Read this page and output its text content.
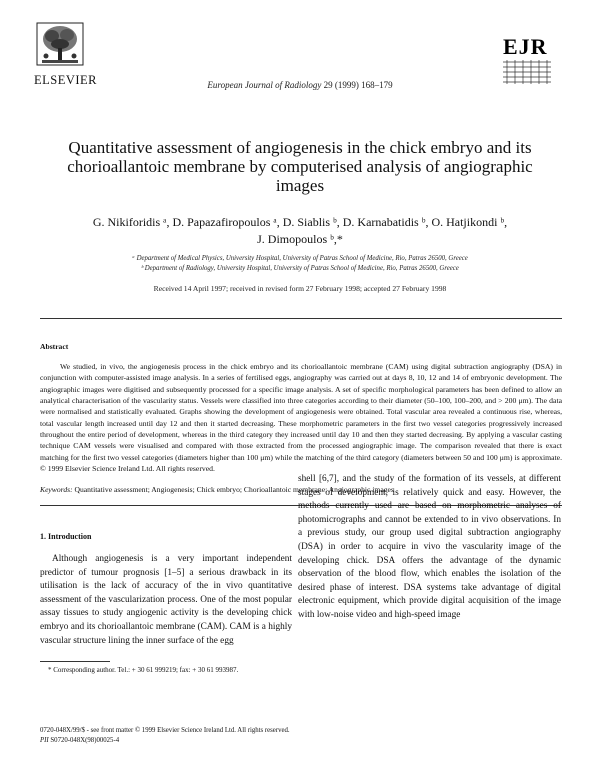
ELSEVIER	European Journal of Radiology 29 (1999) 168–179
EJR
Quantitative assessment of angiogenesis in the chick embryo and its chorioallantoic membrane by computerised analysis of angiographic images
G. Nikiforidis ᵃ, D. Papazafiropoulos ᵃ, D. Siablis ᵇ, D. Karnabatidis ᵇ, O. Hatjikondi ᵇ,
J. Dimopoulos ᵇ,*
ᵃ Department of Medical Physics, University Hospital, University of Patras School of Medicine, Rio, Patras 26500, Greece
ᵇ Department of Radiology, University Hospital, University of Patras School of Medicine, Rio, Patras 26500, Greece
Received 14 April 1997; received in revised form 27 February 1998; accepted 27 February 1998
Abstract

We studied, in vivo, the angiogenesis process in the chick embryo and its chorioallantoic membrane (CAM) using digital subtraction angiography (DSA) in conjunction with computer-assisted image analysis. In a series of fertilised eggs, angiography was carried out at days 8, 10, 12 and 14 of embryonic development. The angiographic images were digitised and subsequently processed for a specific image analysis. A set of specific morphological parameters has been defined to allow an analytical characterisation of the vascularity status. Vessels were classified into three categories according to their diameter (50–100, 100–200, and > 200 μm). The data were normalised and statistically evaluated. Graphs showing the development of angiogenesis were obtained. Total vascular area revealed a continuous rise, whereas, total vascular length increased until day 12 and then it started decreasing. These morphometric parameters in the first two vessel categories progressively increased throughout the entire period of development, whereas in the third category they increased until day 10 and then they started decreasing. By applying a vascular casting technique CAM vessels were visualised and compared with those extracted from the processed angiographic image. The comparison revealed that there is exact matching for the first two vessel categories (diameters higher than 100 μm) while the matching of the third category (diameters between 50 and 100 μm) is approximate. © 1999 Elsevier Science Ireland Ltd. All rights reserved.

Keywords: Quantitative assessment; Angiogenesis; Chick embryo; Chorioallantoic membrane; Angiographic images
1. Introduction

Although angiogenesis is a very important independent predictor of tumour prognosis [1–5] a serious drawback in its utilisation is the lack of accuracy of the in vivo quantitative assessment of the vascularization process. One of the most popular assay tissues to study angiogenic activity is the developing chick embryo and its chorioallantoic membrane (CAM). CAM is a highly vascular structure lining the inner surface of the egg

shell [6,7], and the study of the formation of its vessels, at different stages of development, is relatively quick and easy. However, the methods currently used are based on morphometric analyses of photomicrographs and cannot be extended to in vivo observations. In a previous study, our group used digital subtraction angiography (DSA) in order to acquire in vivo the vascularity image of the developing chick. DSA offers the advantage of the dynamic observation of the blood flow, which enables the isolation of the desired phase of interest. DSA systems take advantage of digital electronic equipment, which provide digital acquisition of the image with low-noise video and high-speed image

* Corresponding author. Tel.: + 30 61 999219; fax: + 30 61 993987.
0720-048X/99/$ - see front matter © 1999 Elsevier Science Ireland Ltd. All rights reserved.
PII S0720-048X(98)00025-4
